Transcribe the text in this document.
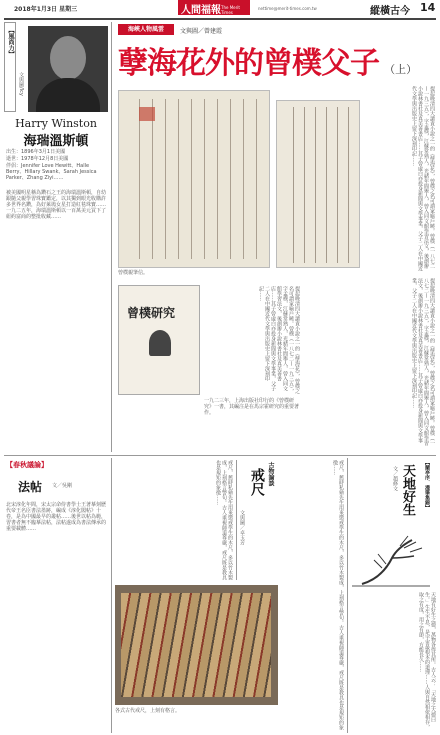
2018年1月3日 星期三	人間福報 The Merit Times
nettime@merit-times.com.tw	縱橫古今 14
【風尚力】
文與圖/Icy
Harry Winston
海瑞溫斯頓
出生：1896年3月1日美國
逝世：1978年12月8日美國
伴侶：Jennifer Love Hewitt、Halle Berry、Hillary Swank、Sarah Jessica Parker、Zhang Ziyi……
被美國明星稱為鑽石之王的海瑞溫斯頓，自幼跟隨父親學習珠寶鑑定，以其獨到眼光收購許多世界名鑽，為好萊塢女星打造紅毯珠寶……一九二五年，海瑞溫斯頓以一百萬美元買下了紐約富商的整批收藏……
海峽人物風雲	文與圖／曾建霞
孽海花外的曾樸父子 （上）
曾樸親筆信。
提起晚清四大譴責小說之一的《孽海花》，曾樸之名可謂家喻戶曉。曾樸（一八七二—一九三五），字孟樸，江蘇常熟人，光緒年間舉人，曾入同文館學習法文，後創辦小說林書社及真美善書店……其子曾虛白亦投身新聞與文學事業，父子二人在中國近代文學與出版史上留下深刻印記……
曾樸研究	提起晚清四大譴責小說之一的《孽海花》，曾樸之名可謂家喻戶曉。曾樸（一八七二—一九三五），字孟樸，江蘇常熟人，光緒年間舉人，曾入同文館學習法文，後創辦小說林書社及真美善書店……其子曾虛白亦投身新聞與文學事業，父子二人在中國近代文學與出版史上留下深刻印記……
一九二三年，上海出版社印行的《曾樸研究》一書，其編注是在馬宗霍研究的重要著作。	提起晚清四大譴責小說之一的《孽海花》，曾樸之名可謂家喻戶曉。曾樸（一八七二—一九三五），字孟樸，江蘇常熟人，光緒年間舉人，曾入同文館學習法文，後創辦小說林書社及真美善書店……其子曾虛白亦投身新聞與文學事業，父子二人在中國近代文學與出版史上留下深刻印記……
【春秋議論】
法帖 文／吳剛
北宋淳化年間，宋太宗命侍書學士王著摹刻歷代帝王名臣書法墨跡，編成《淳化閣帖》十卷，是為中國最早的叢帖……後世以帖為範，習書者無不臨摹法帖，法帖遂成為書法傳承的重要載體……	戒尺，舊時私塾先生用來懲戒學生的木尺，多以竹木製成，上刻格言警句。古人重視師道尊嚴，戒尺既是教具也是規矩的象徵……	古物論談
戒尺
文與圖／卓玉芳
各式古代戒尺，上刻有格言。	戒尺，舊時私塾先生用來懲戒學生的木尺，多以竹木製成，上刻格言警句。古人重視師道尊嚴，戒尺既是教具也是規矩的象徵……	【蘭亭序．漫筆集錦】
天地好生
文／趙修文
天地有好生之德，萬物各得其所。古人云：「天地之大德曰生。」生生不息，是宇宙最根本的道理……人與自然相依相存，取之有度，用之有節，方能長久……
